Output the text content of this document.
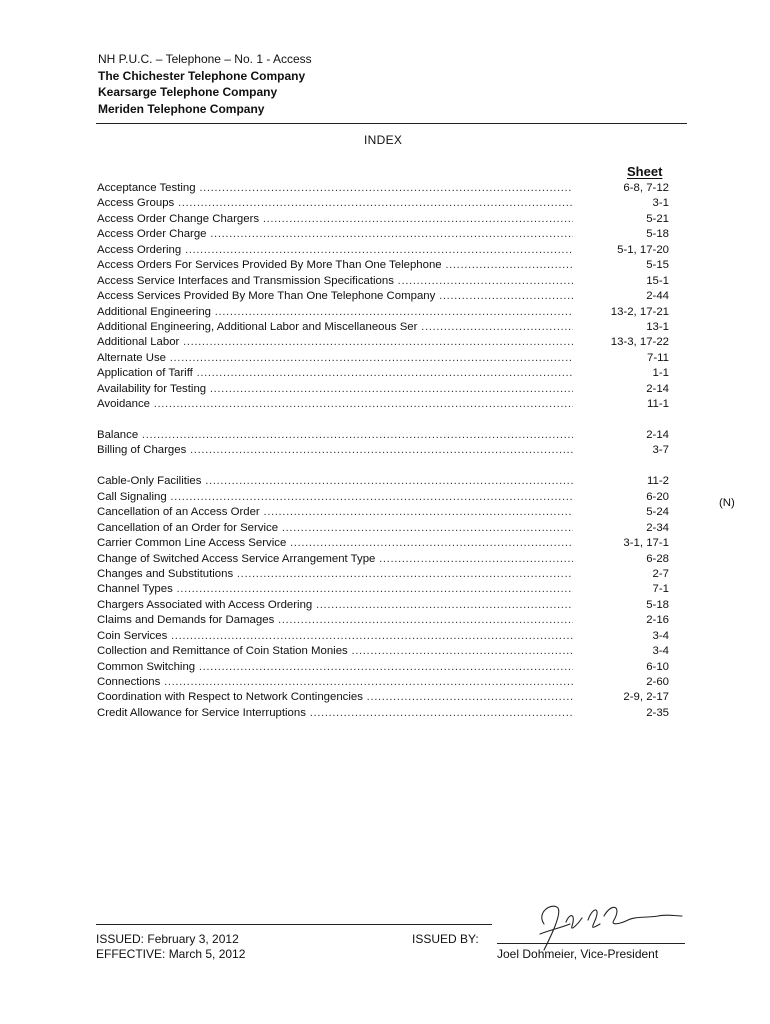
NH P.U.C. – Telephone – No. 1 - Access
The Chichester Telephone Company
Kearsarge Telephone Company
Meriden Telephone Company
INDEX
Sheet
Acceptance Testing .....	6-8, 7-12
Access Groups .....	3-1
Access Order Change Chargers .....	5-21
Access Order Charge .....	5-18
Access Ordering .....	5-1, 17-20
Access Orders For Services Provided By More Than One Telephone .....	5-15
Access Service Interfaces and Transmission Specifications .....	15-1
Access Services Provided By More Than One Telephone Company .....	2-44
Additional Engineering .....	13-2, 17-21
Additional Engineering, Additional Labor and Miscellaneous Ser .....	13-1
Additional Labor .....	13-3, 17-22
Alternate Use .....	7-11
Application of Tariff .....	1-1
Availability for Testing .....	2-14
Avoidance .....	11-1
Balance .....	2-14
Billing of Charges .....	3-7
Cable-Only Facilities .....	11-2
Call Signaling .....	6-20
Cancellation of an Access Order .....	5-24
Cancellation of an Order for Service .....	2-34
Carrier Common Line Access Service .....	3-1, 17-1
Change of Switched Access Service Arrangement Type .....	6-28
Changes and Substitutions .....	2-7
Channel Types .....	7-1
Chargers Associated with Access Ordering .....	5-18
Claims and Demands for Damages .....	2-16
Coin Services .....	3-4
Collection and Remittance of Coin Station Monies .....	3-4
Common Switching .....	6-10
Connections .....	2-60
Coordination with Respect to Network Contingencies .....	2-9, 2-17
Credit Allowance for Service Interruptions .....	2-35
(N)
ISSUED: February 3, 2012
EFFECTIVE: March 5, 2012
ISSUED BY:
Joel Dohmeier, Vice-President
